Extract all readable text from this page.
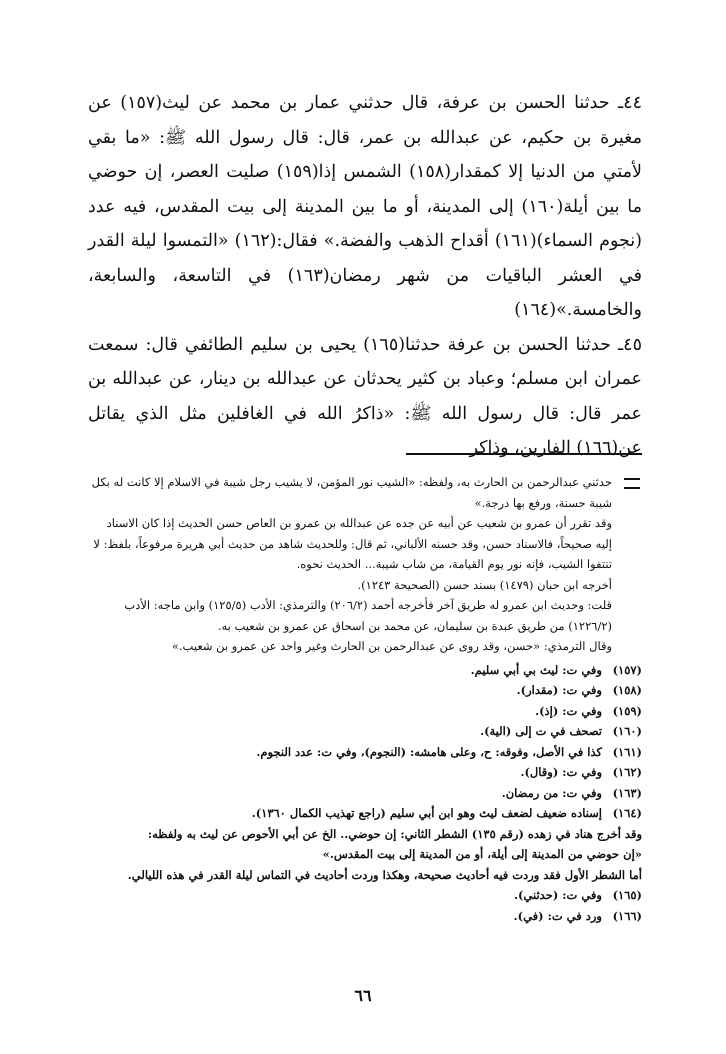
٤٤ـ حدثنا الحسن بن عرفة، قال حدثني عمار بن محمد عن ليث(١٥٧) عن مغيرة بن حكيم، عن عبدالله بن عمر، قال: قال رسول الله ﷺ: «ما بقي لأمتي من الدنيا إلا كمقدار(١٥٨) الشمس إذا(١٥٩) صليت العصر، إن حوضي ما بين أيلة(١٦٠) إلى المدينة، أو ما بين المدينة إلى بيت المقدس، فيه عدد (نجوم السماء)(١٦١) أقداح الذهب والفضة.» فقال:(١٦٢) «التمسوا ليلة القدر في العشر الباقيات من شهر رمضان(١٦٣) في التاسعة، والسابعة، والخامسة.»(١٦٤)

٤٥ـ حدثنا الحسن بن عرفة حدثنا(١٦٥) يحيى بن سليم الطائفي قال: سمعت عمران ابن مسلم؛ وعباد بن كثير يحدثان عن عبدالله بن دينار، عن عبدالله بن عمر قال: قال رسول الله ﷺ: «ذاكرُ الله في الغافلين مثل الذي يقاتل عن(١٦٦) الفارين، وذاكر

حدثني عبدالرحمن بن الحارث به، ولفظه: «الشيب نور المؤمن، لا يشيب رجل شيبة في الاسلام إلا كانت له بكل شيبة حسنة، ورفع بها درجة.»

وقد تقرر أن عمرو بن شعيب عن أبيه عن جده عن عبدالله بن عمرو بن العاص حسن الحديث إذا كان الاسناد إليه صحيحاً، فالاسناد حسن، وقد حسنه الألباني، ثم قال: وللحديث شاهد من حديث أبي هريرة مرفوعاً، بلفظ: لا تنتفوا الشيب، فإنه نور يوم القيامة، من شاب شيبة... الحديث نحوه.

أخرجه ابن حبان (١٤٧٩) بسند حسن (الصحيحة ١٢٤٣).

قلت: وحديث ابن عمرو له طريق آخر فأخرجه أحمد (٢٠٦/٢) والترمذي: الأدب (١٢٥/٥) وابن ماجه: الأدب (١٢٢٦/٢) من طريق عبدة بن سليمان، عن محمد بن اسحاق عن عمرو بن شعيب به.

وقال الترمذي: «حسن، وقد روى عن عبدالرحمن بن الحارث وغير واحد عن عمرو بن شعيب.»

(١٥٧)
وفي ت: ليث بي أبي سليم.
(١٥٨)
وفي ت: (مقدار).
(١٥٩)
وفي ت: (إذ).
(١٦٠)
تصحف في ت إلى (الية).
(١٦١)
كذا في الأصل، وفوقه: ح، وعلى هامشه: (النجوم)، وفي ت: عدد النجوم.
(١٦٢)
وفي ت: (وقال).
(١٦٣)
وفي ت: من رمضان.
(١٦٤)
إسناده ضعيف لضعف ليث وهو ابن أبي سليم (راجع تهذيب الكمال ١٣٦٠).

وقد أخرج هناد في زهده (رقم ١٣٥) الشطر الثاني: إن حوضي.. الخ عن أبي الأحوص عن ليث به ولفظه:

«إن حوضي من المدينة إلى أيلة، أو من المدينة إلى بيت المقدس.»

أما الشطر الأول فقد وردت فيه أحاديث صحيحة، وهكذا وردت أحاديث في التماس ليلة القدر في هذه الليالي.

(١٦٥)
وفي ت: (حدثني).
(١٦٦)
ورد في ت: (في).
٦٦
